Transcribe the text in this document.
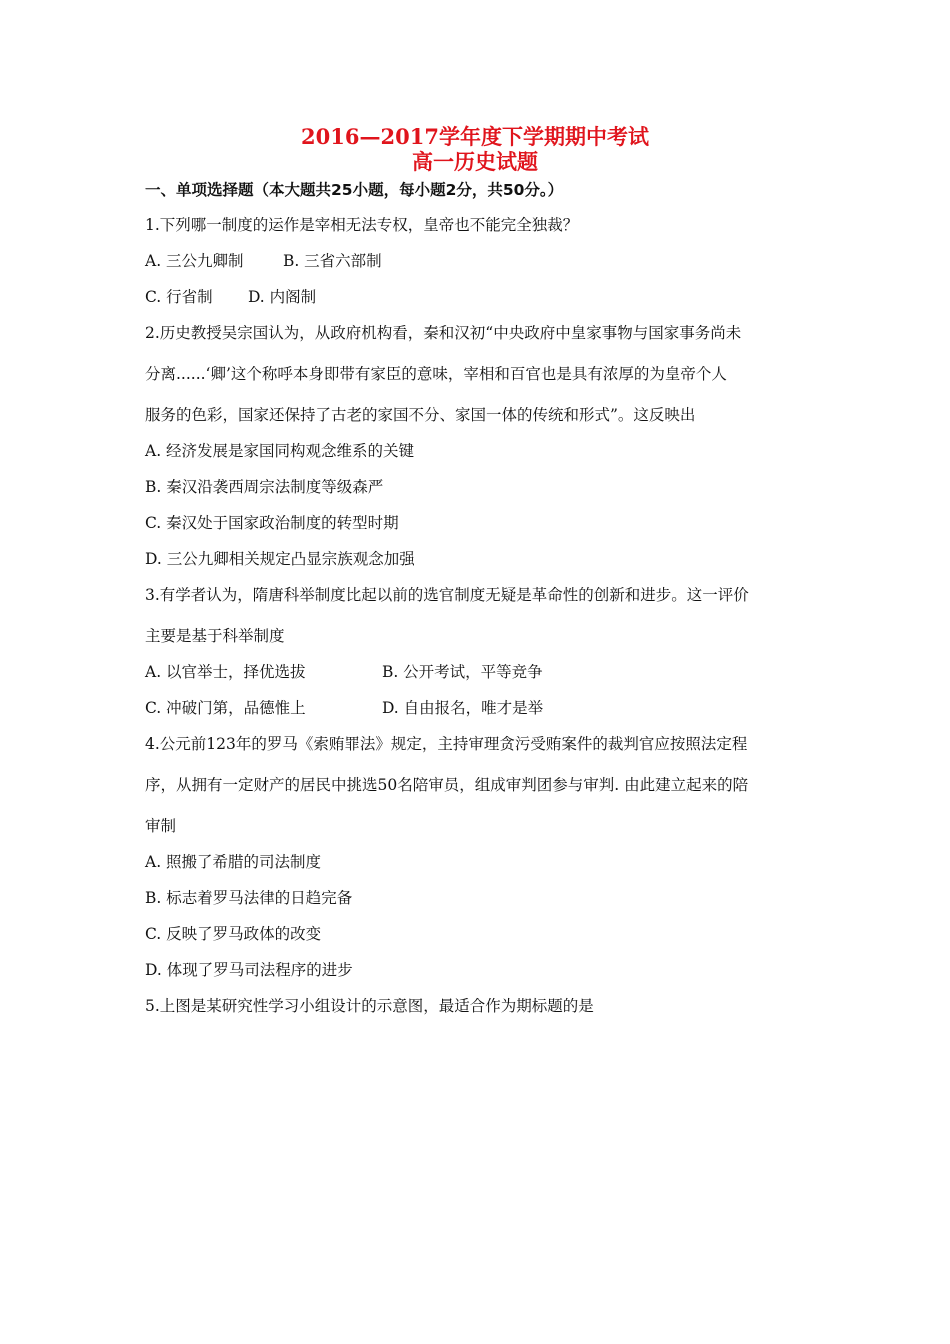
2016—2017学年度下学期期中考试
高一历史试题
一、单项选择题（本大题共25小题，每小题2分，共50分。）
1.下列哪一制度的运作是宰相无法专权，皇帝也不能完全独裁？
A. 三公九卿制	B. 三省六部制
C. 行省制 D. 内阁制
2.历史教授吴宗国认为，从政府机构看，秦和汉初“中央政府中皇家事物与国家事务尚未
分离......‘卿’这个称呼本身即带有家臣的意味，宰相和百官也是具有浓厚的为皇帝个人
服务的色彩，国家还保持了古老的家国不分、家国一体的传统和形式”。这反映出
A. 经济发展是家国同构观念维系的关键
B. 秦汉沿袭西周宗法制度等级森严
C. 秦汉处于国家政治制度的转型时期
D. 三公九卿相关规定凸显宗族观念加强
3.有学者认为，隋唐科举制度比起以前的选官制度无疑是革命性的创新和进步。这一评价
主要是基于科举制度
A. 以官举士，择优选拔	B. 公开考试，平等竞争
C. 冲破门第，品德惟上	D. 自由报名，唯才是举
4.公元前123年的罗马《索贿罪法》规定，主持审理贪污受贿案件的裁判官应按照法定程
序，从拥有一定财产的居民中挑选50名陪审员，组成审判团参与审判. 由此建立起来的陪
审制
A. 照搬了希腊的司法制度
B. 标志着罗马法律的日趋完备
C. 反映了罗马政体的改变
D. 体现了罗马司法程序的进步
5.上图是某研究性学习小组设计的示意图，最适合作为期标题的是
